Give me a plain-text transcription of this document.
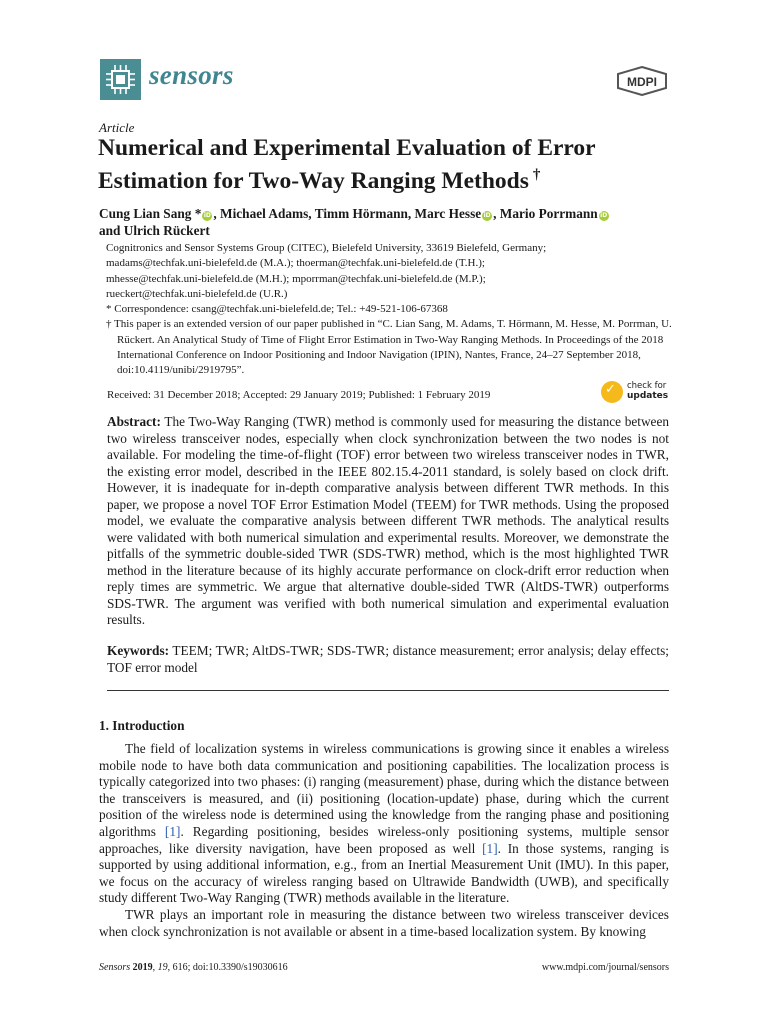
sensors	MDPI
Article
Numerical and Experimental Evaluation of Error Estimation for Two-Way Ranging Methods †
Cung Lian Sang * iD , Michael Adams, Timm Hörmann, Marc Hesse iD , Mario Porrmann iD
and Ulrich Rückert

Cognitronics and Sensor Systems Group (CITEC), Bielefeld University, 33619 Bielefeld, Germany;

madams@techfak.uni-bielefeld.de (M.A.); thoerman@techfak.uni-bielefeld.de (T.H.);

mhesse@techfak.uni-bielefeld.de (M.H.); mporrman@techfak.uni-bielefeld.de (M.P.);

rueckert@techfak.uni-bielefeld.de (U.R.)

* Correspondence: csang@techfak.uni-bielefeld.de; Tel.: +49-521-106-67368

† This paper is an extended version of our paper published in “C. Lian Sang, M. Adams, T. Hörmann, M. Hesse, M. Porrman, U. Rückert. An Analytical Study of Time of Flight Error Estimation in Two-Way Ranging Methods. In Proceedings of the 2018 International Conference on Indoor Positioning and Indoor Navigation (IPIN), Nantes, France, 24–27 September 2018, doi:10.4119/unibi/2919795”.

Received: 31 December 2018; Accepted: 29 January 2019; Published: 1 February 2019	✓ check for
updates
Abstract: The Two-Way Ranging (TWR) method is commonly used for measuring the distance between two wireless transceiver nodes, especially when clock synchronization between the two nodes is not available. For modeling the time-of-flight (TOF) error between two wireless transceiver nodes in TWR, the existing error model, described in the IEEE 802.15.4-2011 standard, is solely based on clock drift. However, it is inadequate for in-depth comparative analysis between different TWR methods. In this paper, we propose a novel TOF Error Estimation Model (TEEM) for TWR methods. Using the proposed model, we evaluate the comparative analysis between different TWR methods. The analytical results were validated with both numerical simulation and experimental results. Moreover, we demonstrate the pitfalls of the symmetric double-sided TWR (SDS-TWR) method, which is the most highlighted TWR method in the literature because of its highly accurate performance on clock-drift error reduction when reply times are symmetric. We argue that alternative double-sided TWR (AltDS-TWR) outperforms SDS-TWR. The argument was verified with both numerical simulation and experimental evaluation results.
Keywords: TEEM; TWR; AltDS-TWR; SDS-TWR; distance measurement; error analysis; delay effects; TOF error model
1. Introduction

The field of localization systems in wireless communications is growing since it enables a wireless mobile node to have both data communication and positioning capabilities. The localization process is typically categorized into two phases: (i) ranging (measurement) phase, during which the distance between the transceivers is measured, and (ii) positioning (location-update) phase, during which the current position of the wireless node is determined using the knowledge from the ranging phase and positioning algorithms [1]. Regarding positioning, besides wireless-only positioning systems, multiple sensor approaches, like diversity navigation, have been proposed as well [1]. In those systems, ranging is supported by using additional information, e.g., from an Inertial Measurement Unit (IMU). In this paper, we focus on the accuracy of wireless ranging based on Ultrawide Bandwidth (UWB), and specifically study different Two-Way Ranging (TWR) methods available in the literature.

TWR plays an important role in measuring the distance between two wireless transceiver devices when clock synchronization is not available or absent in a time-based localization system. By knowing

Sensors 2019, 19, 616; doi:10.3390/s19030616	www.mdpi.com/journal/sensors
